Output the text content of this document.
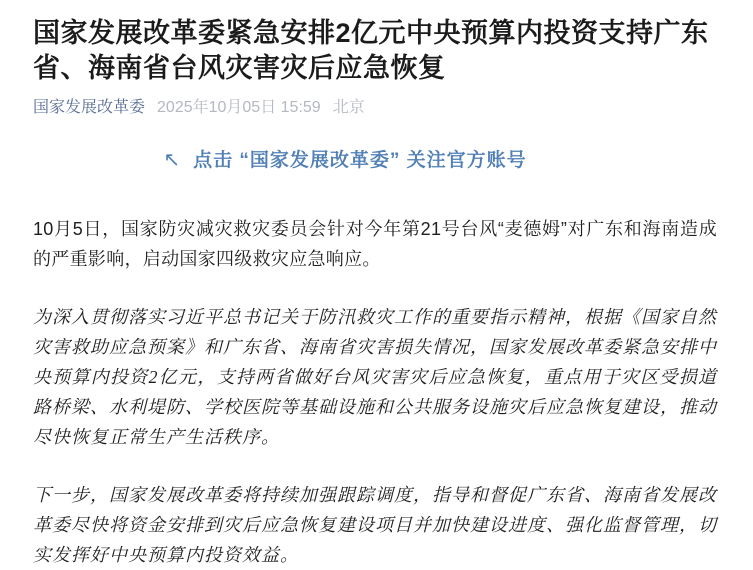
国家发展改革委紧急安排2亿元中央预算内投资支持广东省、海南省台风灾害灾后应急恢复
国家发展改革委 2025年10月05日 15:59 北京
↖ 点击 “国家发展改革委” 关注官方账号

10月5日，国家防灾减灾救灾委员会针对今年第21号台风“麦德姆”对广东和海南造成的严重影响，启动国家四级救灾应急响应。

为深入贯彻落实习近平总书记关于防汛救灾工作的重要指示精神，根据《国家自然灾害救助应急预案》和广东省、海南省灾害损失情况，国家发展改革委紧急安排中央预算内投资2亿元，支持两省做好台风灾害灾后应急恢复，重点用于灾区受损道路桥梁、水利堤防、学校医院等基础设施和公共服务设施灾后应急恢复建设，推动尽快恢复正常生产生活秩序。

下一步，国家发展改革委将持续加强跟踪调度，指导和督促广东省、海南省发展改革委尽快将资金安排到灾后应急恢复建设项目并加快建设进度、强化监督管理，切实发挥好中央预算内投资效益。
